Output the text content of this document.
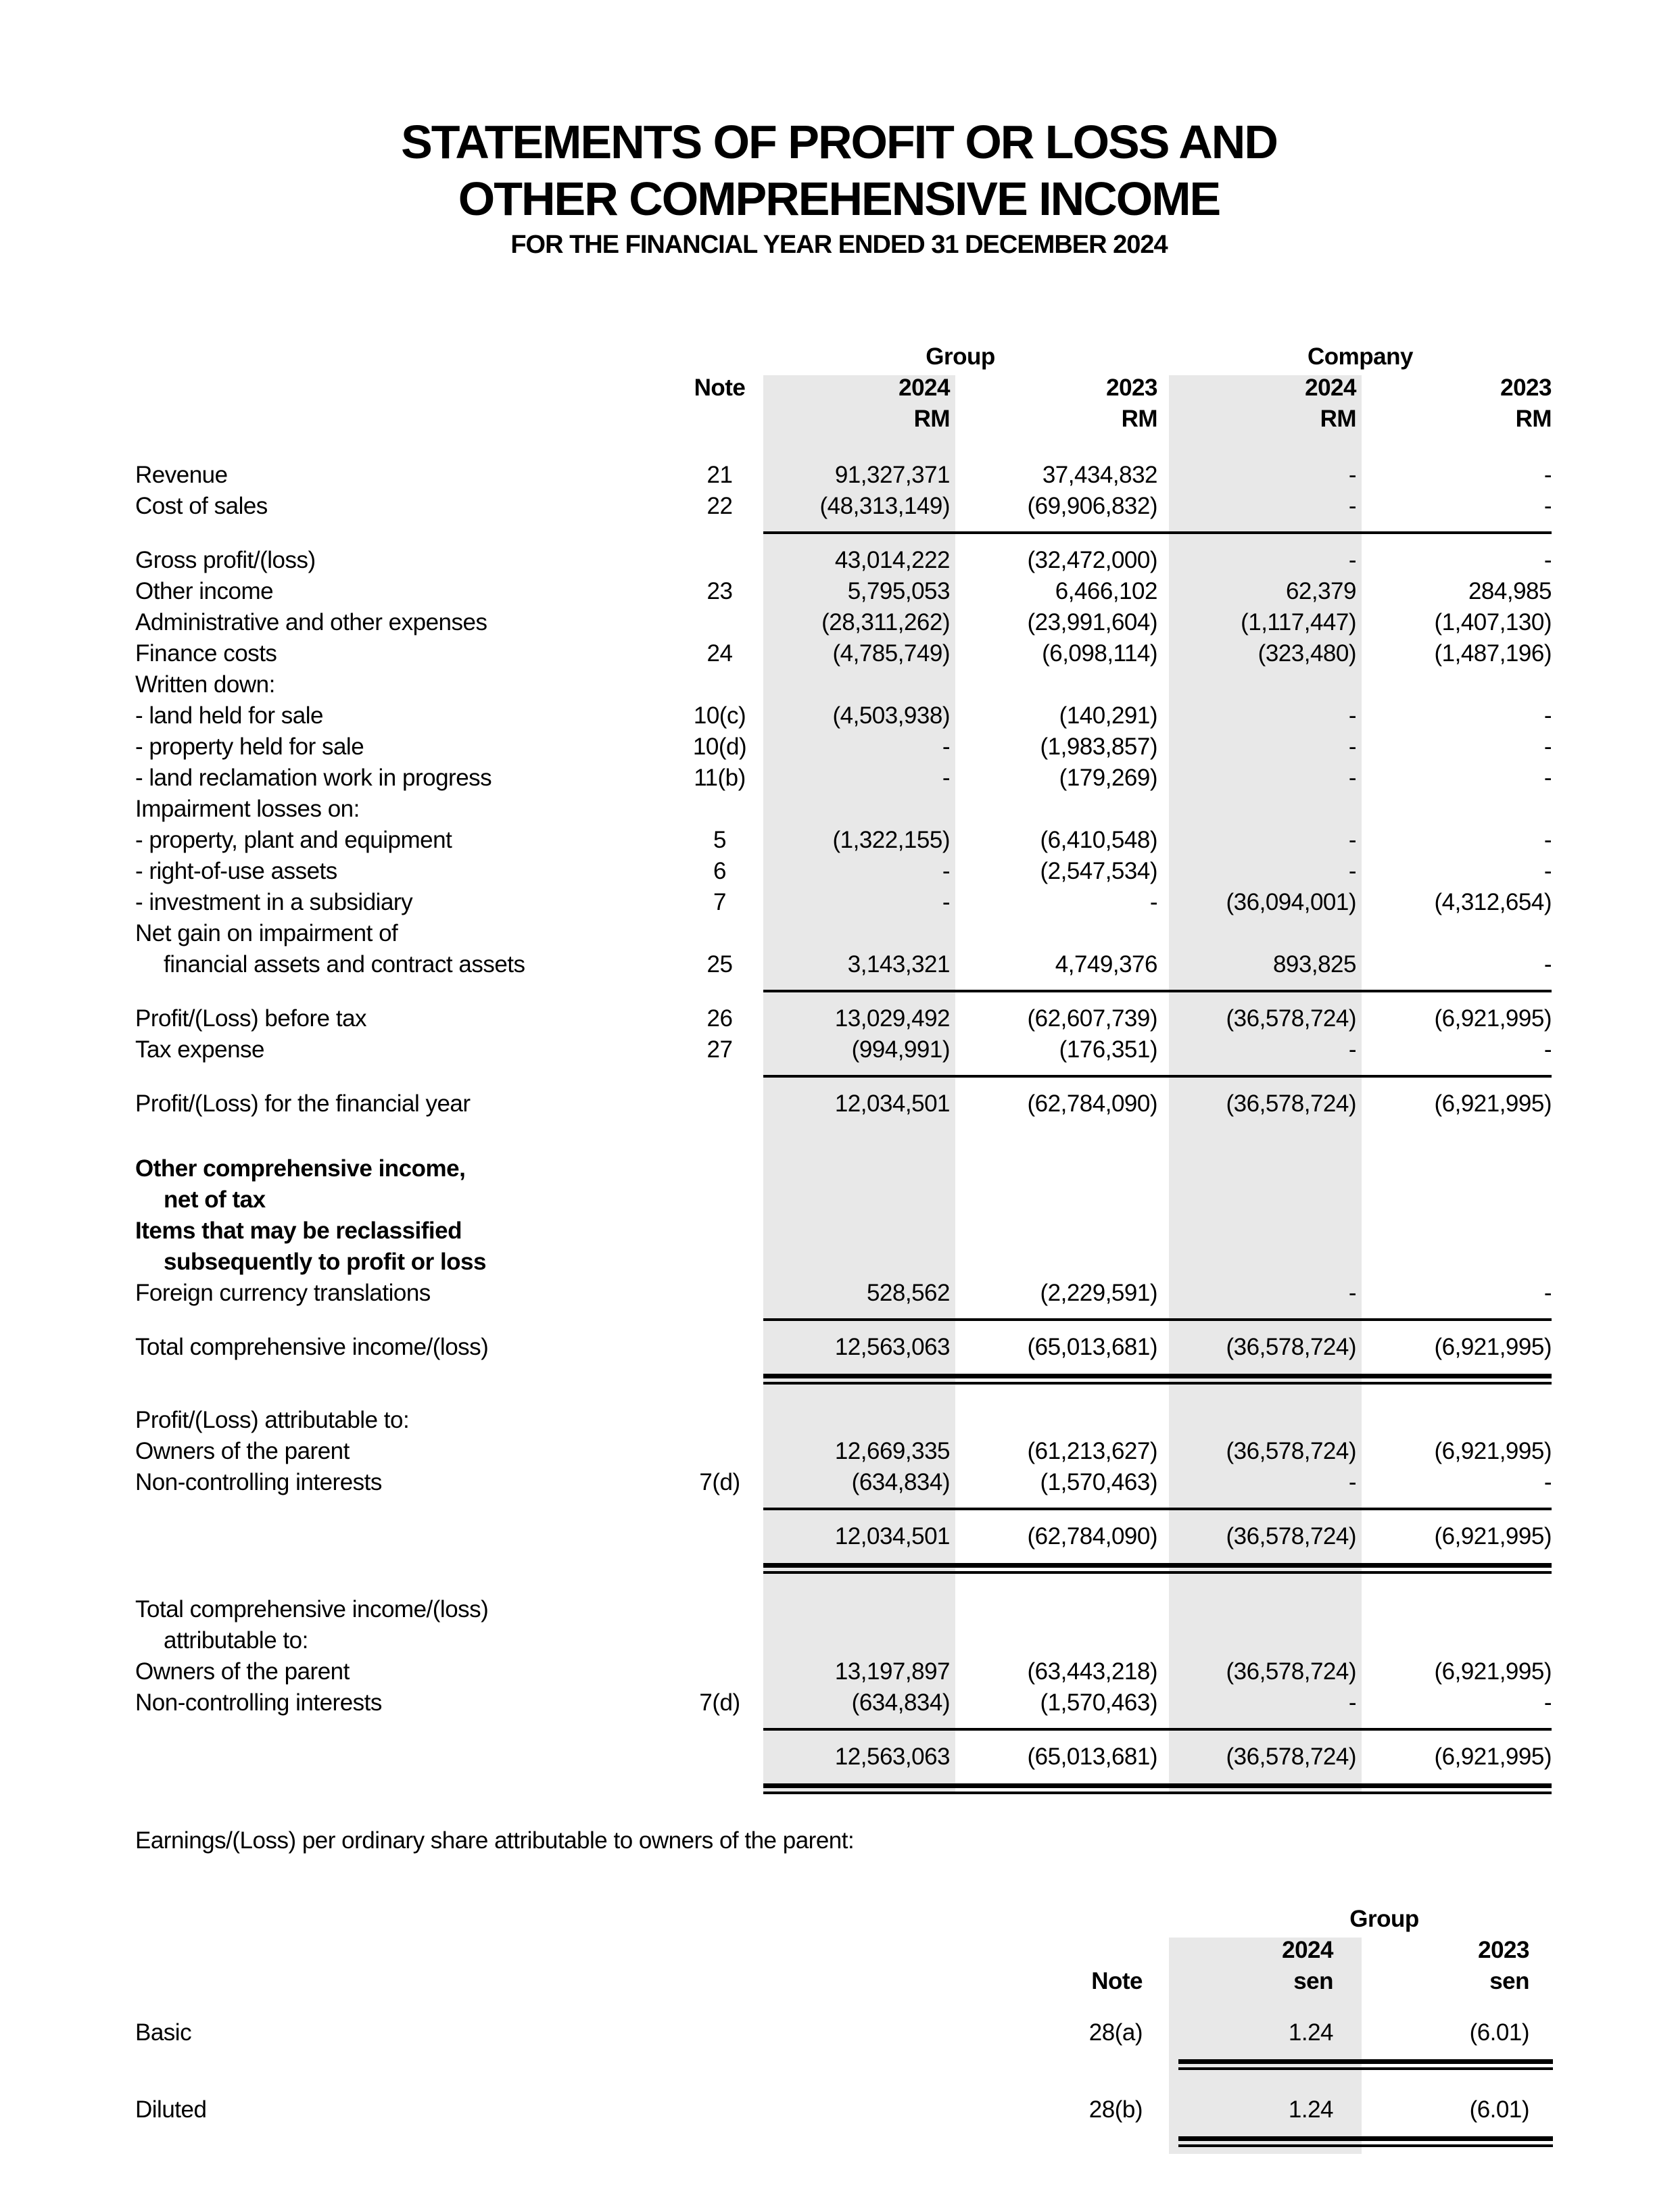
STATEMENTS OF PROFIT OR LOSS AND
OTHER COMPREHENSIVE INCOME
FOR THE FINANCIAL YEAR ENDED 31 DECEMBER 2024
Group	Company
Note	2024	2023	2024	2023
RM	RM	RM	RM
Revenue	21	91,327,371	37,434,832	-	-
Cost of sales	22	(48,313,149)	(69,906,832)	-	-
Gross profit/(loss)	43,014,222	(32,472,000)	-	-
Other income	23	5,795,053	6,466,102	62,379	284,985
Administrative and other expenses	(28,311,262)	(23,991,604)	(1,117,447)	(1,407,130)
Finance costs	24	(4,785,749)	(6,098,114)	(323,480)	(1,487,196)
Written down:
- land held for sale	10(c)	(4,503,938)	(140,291)	-	-
- property held for sale	10(d)	-	(1,983,857)	-	-
- land reclamation work in progress	11(b)	-	(179,269)	-	-
Impairment losses on:
- property, plant and equipment	5	(1,322,155)	(6,410,548)	-	-
- right-of-use assets	6	-	(2,547,534)	-	-
- investment in a subsidiary	7	-	-	(36,094,001)	(4,312,654)
Net gain on impairment of
financial assets and contract assets	25	3,143,321	4,749,376	893,825	-
Profit/(Loss) before tax	26	13,029,492	(62,607,739)	(36,578,724)	(6,921,995)
Tax expense	27	(994,991)	(176,351)	-	-
Profit/(Loss) for the financial year	12,034,501	(62,784,090)	(36,578,724)	(6,921,995)
Other comprehensive income,
net of tax
Items that may be reclassified
subsequently to profit or loss
Foreign currency translations	528,562	(2,229,591)	-	-
Total comprehensive income/(loss)	12,563,063	(65,013,681)	(36,578,724)	(6,921,995)
Profit/(Loss) attributable to:
Owners of the parent	12,669,335	(61,213,627)	(36,578,724)	(6,921,995)
Non-controlling interests	7(d)	(634,834)	(1,570,463)	-	-
12,034,501	(62,784,090)	(36,578,724)	(6,921,995)
Total comprehensive income/(loss)
attributable to:
Owners of the parent	13,197,897	(63,443,218)	(36,578,724)	(6,921,995)
Non-controlling interests	7(d)	(634,834)	(1,570,463)	-	-
12,563,063	(65,013,681)	(36,578,724)	(6,921,995)
Earnings/(Loss) per ordinary share attributable to owners of the parent:
Group
2024	2023
Note	sen	sen
Basic	28(a)	1.24	(6.01)
Diluted	28(b)	1.24	(6.01)
